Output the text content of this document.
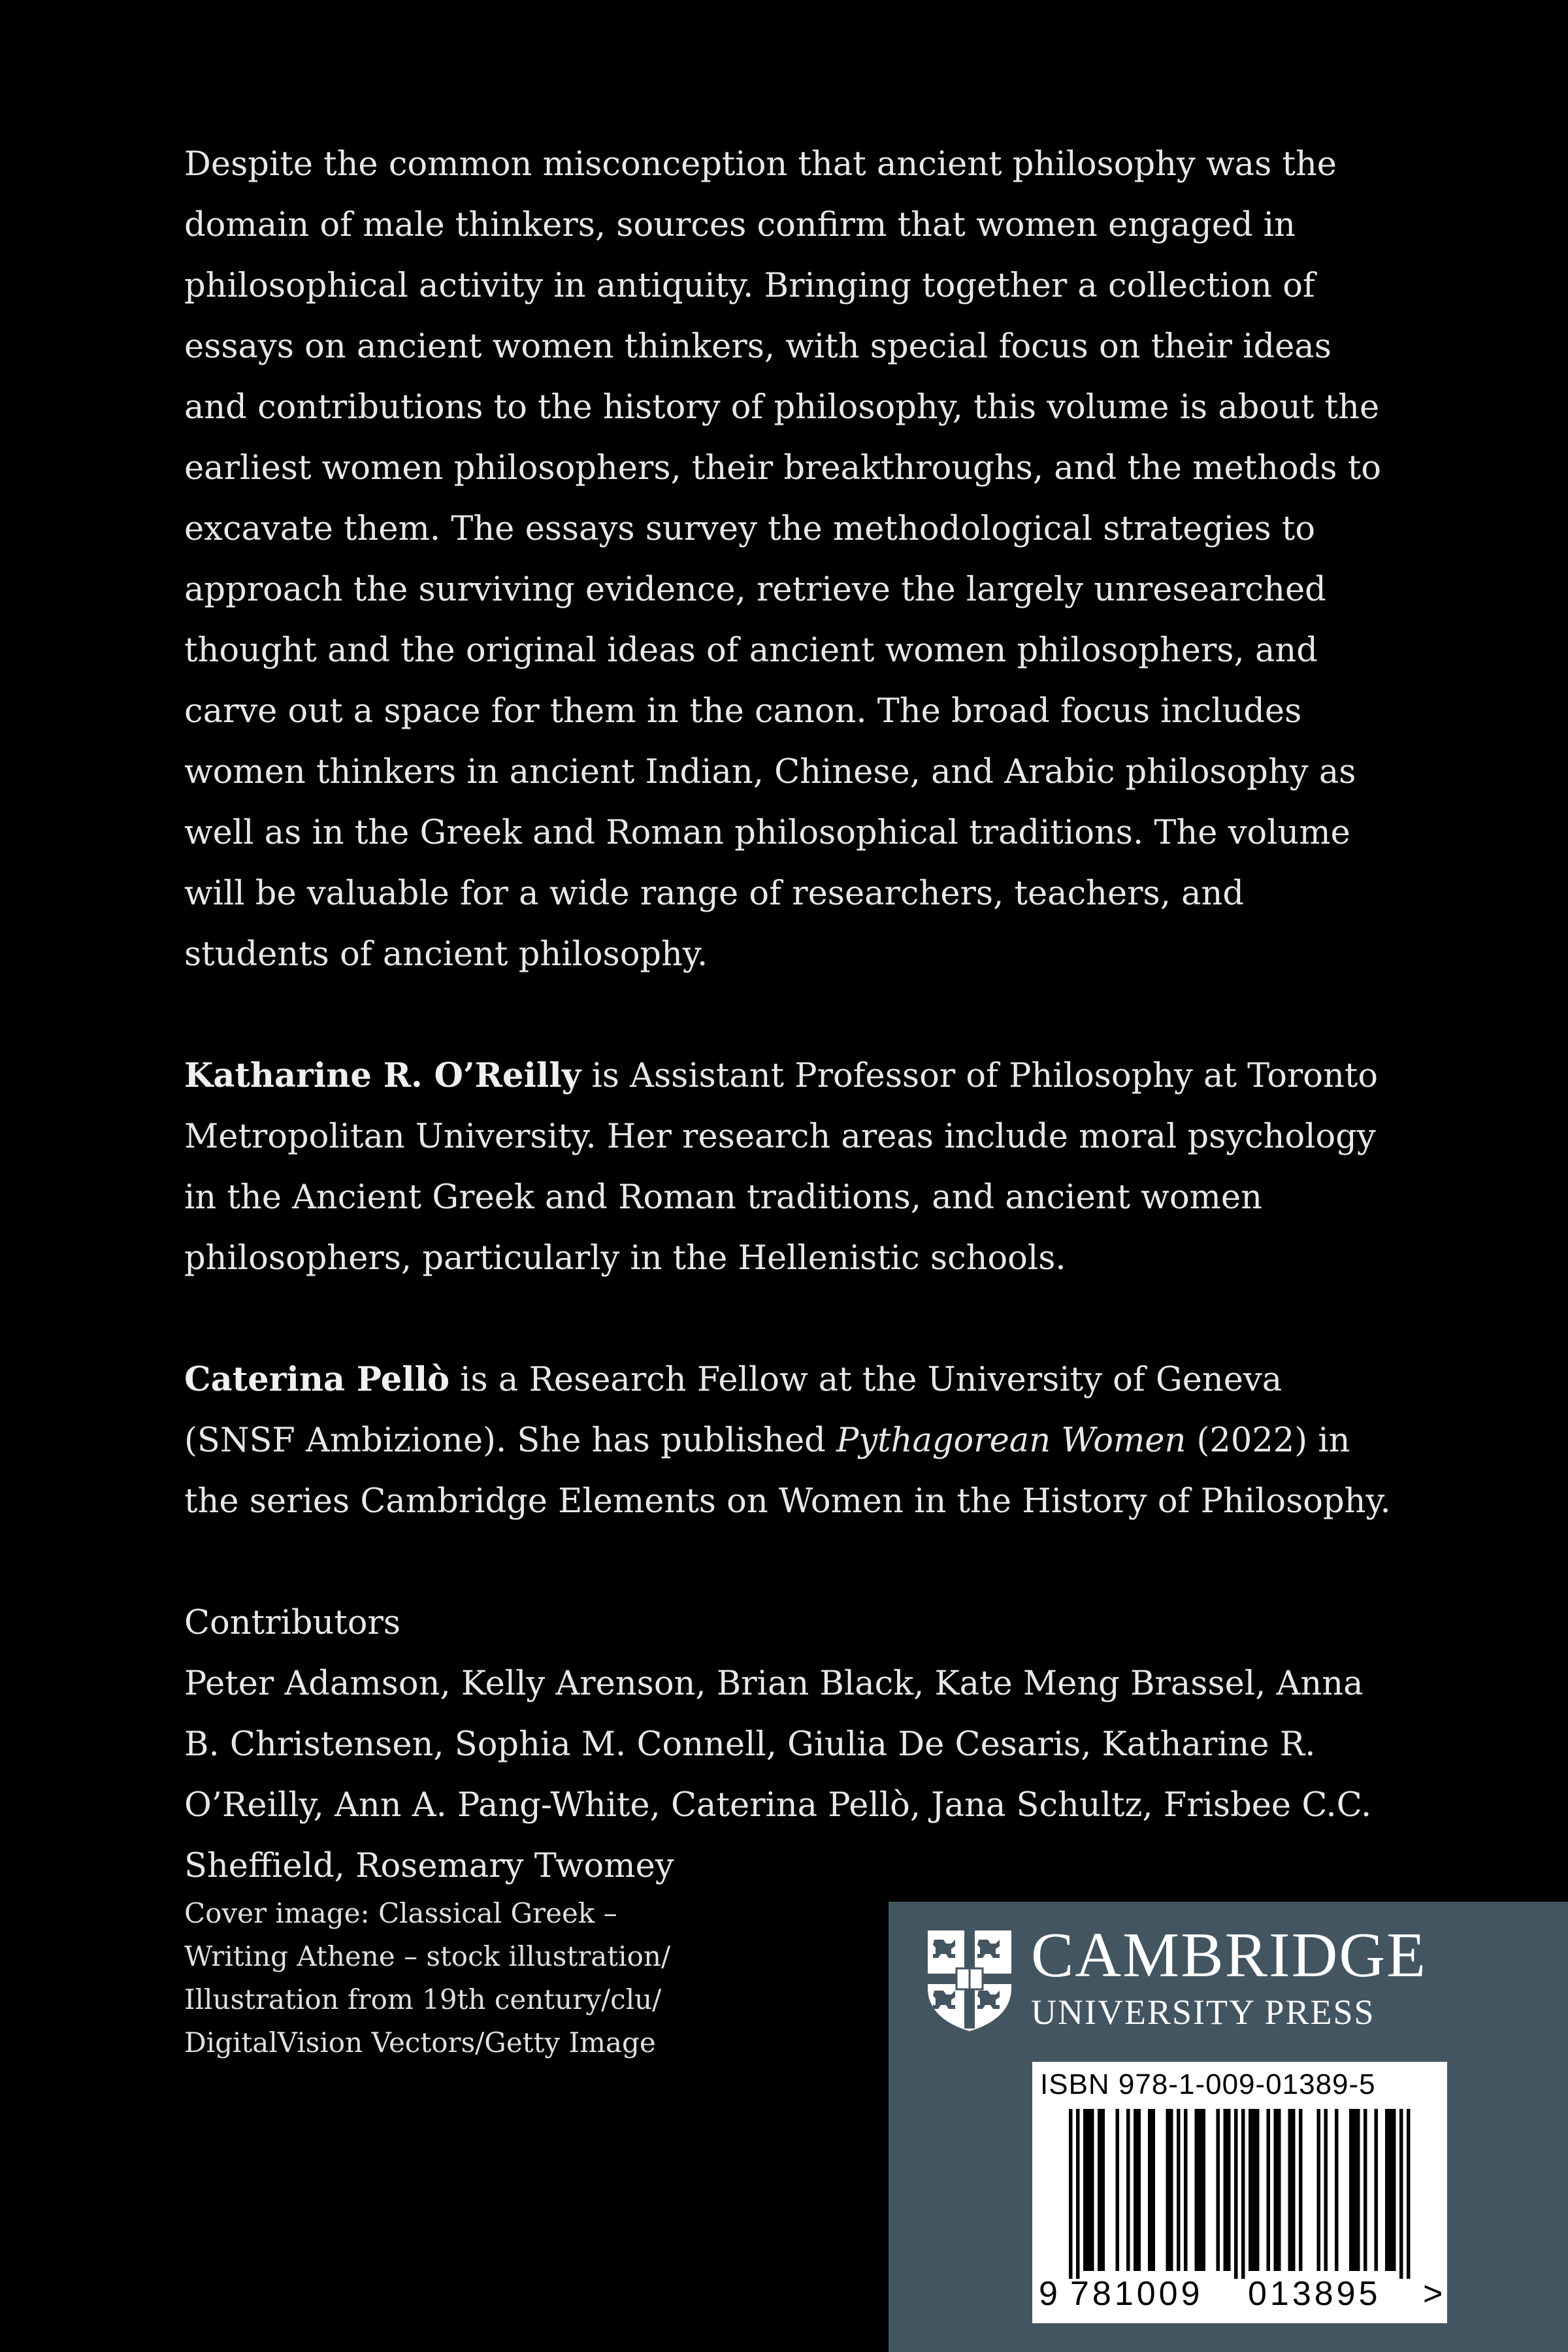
Despite the common misconception that ancient philosophy was the domain of male thinkers, sources confirm that women engaged in philosophical activity in antiquity. Bringing together a collection of essays on ancient women thinkers, with special focus on their ideas and contributions to the history of philosophy, this volume is about the earliest women philosophers, their breakthroughs, and the methods to excavate them. The essays survey the methodological strategies to approach the surviving evidence, retrieve the largely unresearched thought and the original ideas of ancient women philosophers, and carve out a space for them in the canon. The broad focus includes women thinkers in ancient Indian, Chinese, and Arabic philosophy as well as in the Greek and Roman philosophical traditions. The volume will be valuable for a wide range of researchers, teachers, and students of ancient philosophy.

Katharine R. O’Reilly is Assistant Professor of Philosophy at Toronto Metropolitan University. Her research areas include moral psychology in the Ancient Greek and Roman traditions, and ancient women philosophers, particularly in the Hellenistic schools.

Caterina Pellò is a Research Fellow at the University of Geneva (SNSF Ambizione). She has published Pythagorean Women (2022) in the series Cambridge Elements on Women in the History of Philosophy.

Contributors
Peter Adamson, Kelly Arenson, Brian Black, Kate Meng Brassel, Anna B. Christensen, Sophia M. Connell, Giulia De Cesaris, Katharine R. O’Reilly, Ann A. Pang-White, Caterina Pellò, Jana Schultz, Frisbee C.C. Sheffield, Rosemary Twomey
Cover image: Classical Greek –
Writing Athene – stock illustration/
Illustration from 19th century/clu/
DigitalVision Vectors/Getty Image
CAMBRIDGE
UNIVERSITY PRESS
ISBN 978-1-009-01389-5
9 781009 013895 >
